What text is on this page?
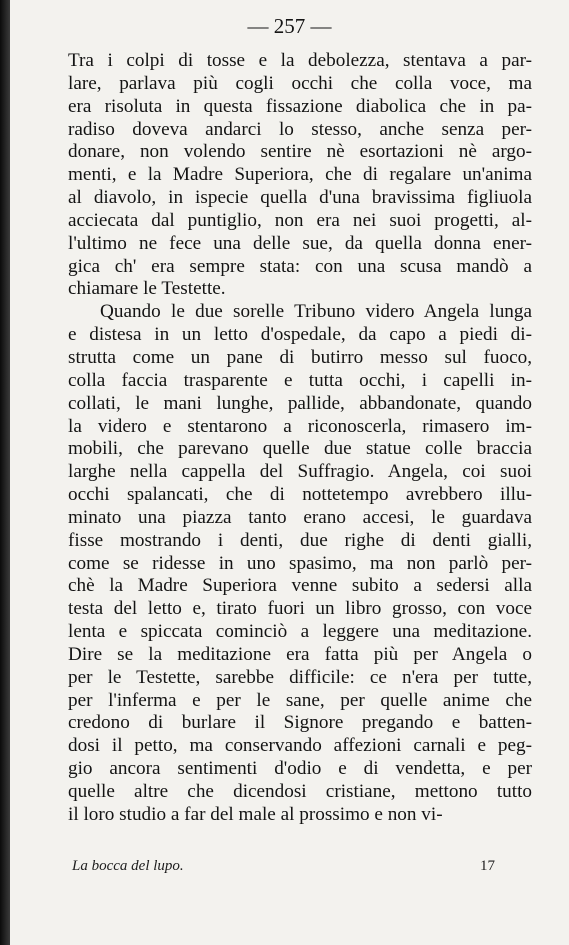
— 257 —
Tra i colpi di tosse e la debolezza, stentava a par-
lare, parlava più cogli occhi che colla voce, ma
era risoluta in questa fissazione diabolica che in pa-
radiso doveva andarci lo stesso, anche senza per-
donare, non volendo sentire nè esortazioni nè argo-
menti, e la Madre Superiora, che di regalare un'anima
al diavolo, in ispecie quella d'una bravissima figliuola
acciecata dal puntiglio, non era nei suoi progetti, al-
l'ultimo ne fece una delle sue, da quella donna ener-
gica ch' era sempre stata: con una scusa mandò a
chiamare le Testette.
Quando le due sorelle Tribuno videro Angela lunga
e distesa in un letto d'ospedale, da capo a piedi di-
strutta come un pane di butirro messo sul fuoco,
colla faccia trasparente e tutta occhi, i capelli in-
collati, le mani lunghe, pallide, abbandonate, quando
la videro e stentarono a riconoscerla, rimasero im-
mobili, che parevano quelle due statue colle braccia
larghe nella cappella del Suffragio. Angela, coi suoi
occhi spalancati, che di nottetempo avrebbero illu-
minato una piazza tanto erano accesi, le guardava
fisse mostrando i denti, due righe di denti gialli,
come se ridesse in uno spasimo, ma non parlò per-
chè la Madre Superiora venne subito a sedersi alla
testa del letto e, tirato fuori un libro grosso, con voce
lenta e spiccata cominciò a leggere una meditazione.
Dire se la meditazione era fatta più per Angela o
per le Testette, sarebbe difficile: ce n'era per tutte,
per l'inferma e per le sane, per quelle anime che
credono di burlare il Signore pregando e batten-
dosi il petto, ma conservando affezioni carnali e peg-
gio ancora sentimenti d'odio e di vendetta, e per
quelle altre che dicendosi cristiane, mettono tutto
il loro studio a far del male al prossimo e non vi-
La bocca del lupo.	17
